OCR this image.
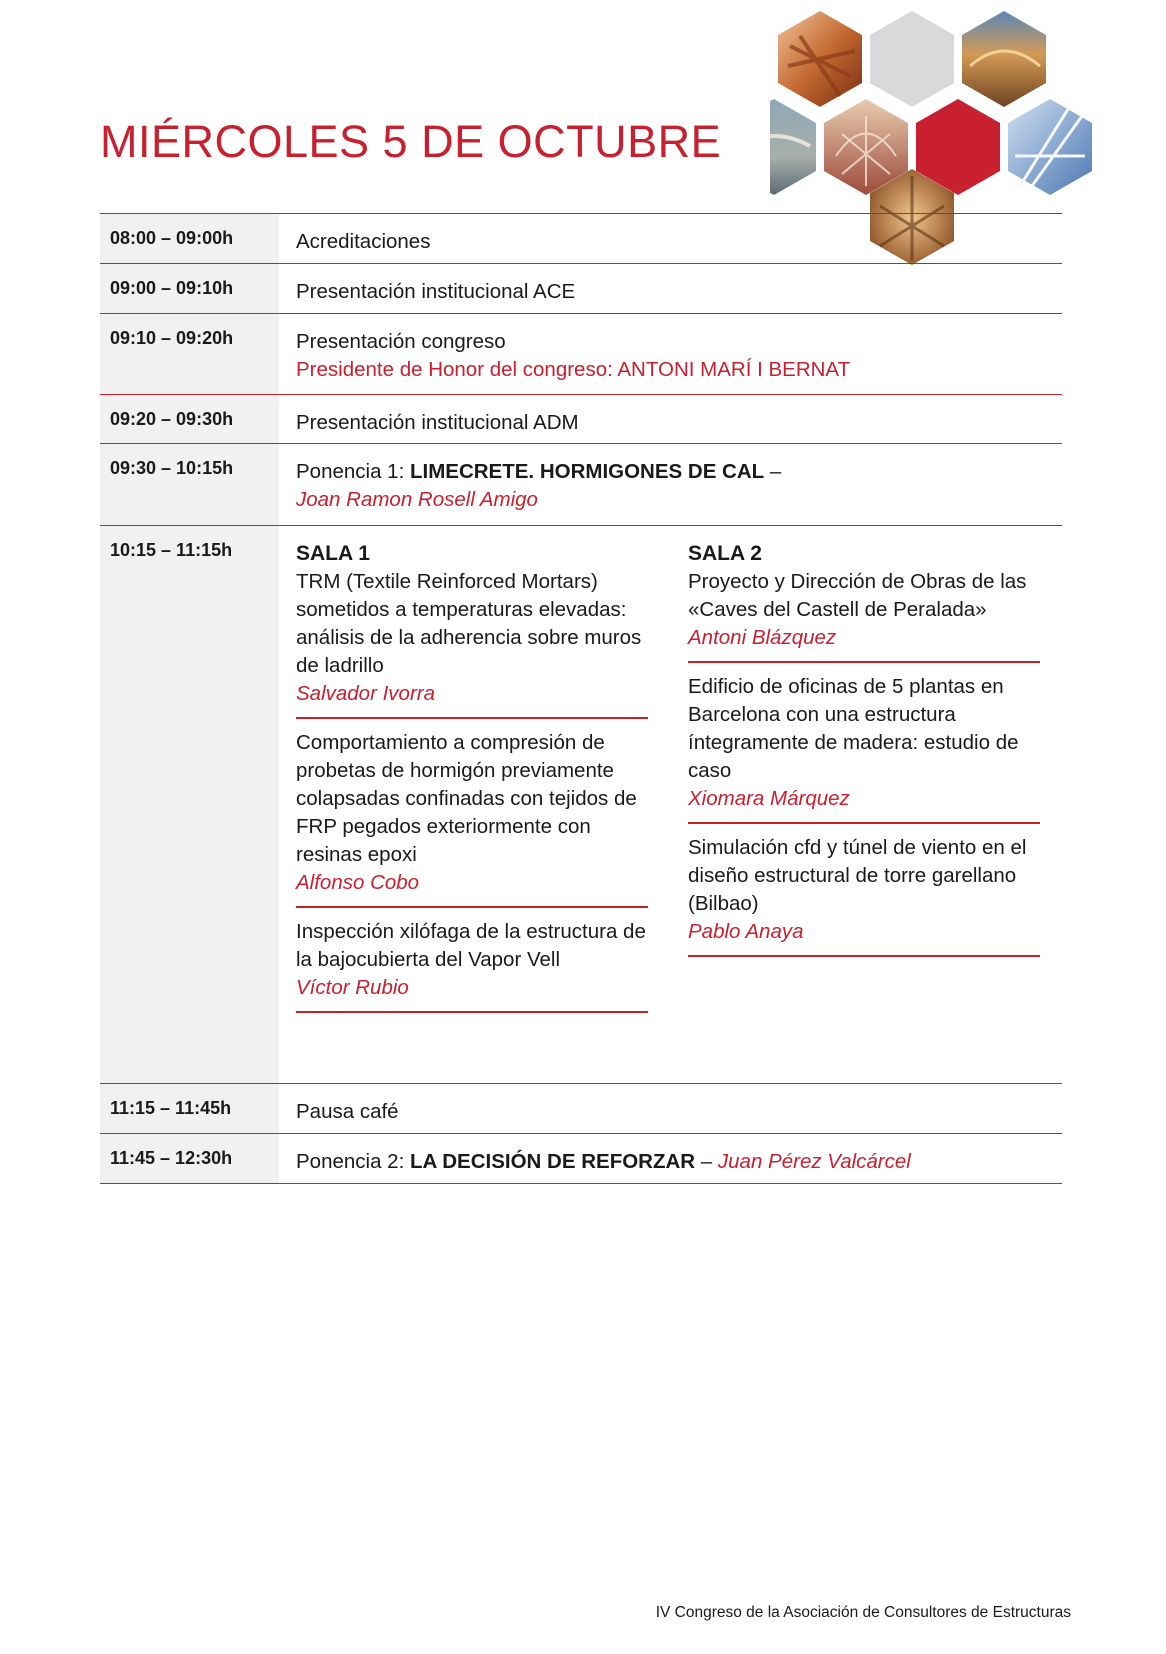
MIÉRCOLES 5 DE OCTUBRE
08:00 – 09:00h	Acreditaciones
09:00 – 09:10h	Presentación institucional ACE
09:10 – 09:20h	Presentación congreso
Presidente de Honor del congreso: ANTONI MARÍ I BERNAT
09:20 – 09:30h	Presentación institucional ADM
09:30 – 10:15h	Ponencia 1: LIMECRETE. HORMIGONES DE CAL –
Joan Ramon Rosell Amigo
10:15 – 11:15h	SALA 1
TRM (Textile Reinforced Mortars) sometidos a temperaturas elevadas: análisis de la adherencia sobre muros de ladrillo
Salvador Ivorra
Comportamiento a compresión de probetas de hormigón previamente colapsadas confinadas con tejidos de FRP pegados exteriormente con resinas epoxi
Alfonso Cobo
Inspección xilófaga de la estructura de la bajocubierta del Vapor Vell
Víctor Rubio
SALA 2
Proyecto y Dirección de Obras de las «Caves del Castell de Peralada»
Antoni Blázquez
Edificio de oficinas de 5 plantas en Barcelona con una estructura íntegramente de madera: estudio de caso
Xiomara Márquez
Simulación cfd y túnel de viento en el diseño estructural de torre garellano (Bilbao)
Pablo Anaya
11:15 – 11:45h	Pausa café
11:45 – 12:30h	Ponencia 2: LA DECISIÓN DE REFORZAR – Juan Pérez Valcárcel
IV Congreso de la Asociación de Consultores de Estructuras
